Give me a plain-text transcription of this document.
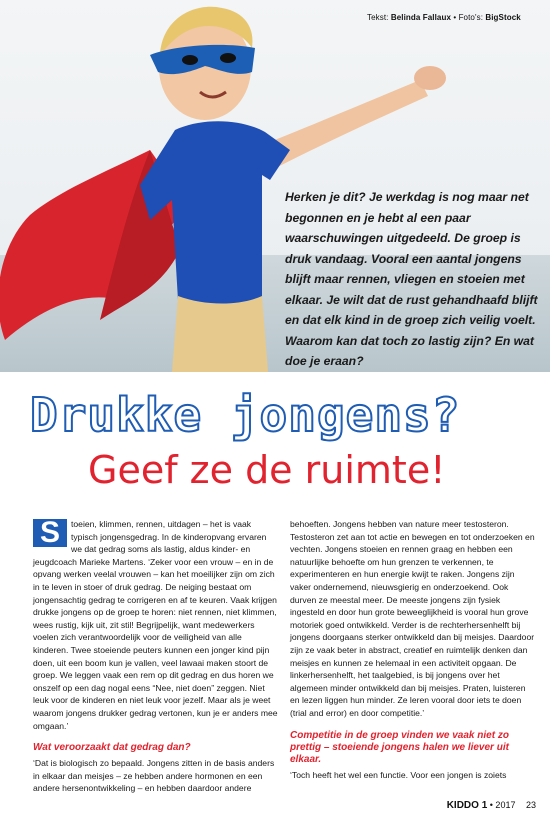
Tekst: Belinda Fallaux • Foto's: BigStock
Herken je dit? Je werkdag is nog maar net begonnen en je hebt al een paar waarschuwingen uitgedeeld. De groep is druk vandaag. Vooral een aantal jongens blijft maar rennen, vliegen en stoeien met elkaar. Je wilt dat de rust gehandhaafd blijft en dat elk kind in de groep zich veilig voelt. Waarom kan dat toch zo lastig zijn? En wat doe je eraan?
Drukke jongens?
Geef ze de ruimte!

S	toeien, klimmen, rennen, uitdagen – het is vaak typisch jongensgedrag. In de kinderopvang ervaren we dat gedrag soms als lastig, aldus kinder- en jeugdcoach Marieke Martens. ‘Zeker voor een vrouw – en in de opvang werken veelal vrouwen – kan het moeilijker zijn om zich in te leven in stoer of druk gedrag. De neiging bestaat om jongensachtig gedrag te corrigeren en af te keuren. Vaak krijgen drukke jongens op de groep te horen: niet rennen, niet klimmen, wees rustig, kijk uit, zit stil! Begrijpelijk, want medewerkers voelen zich verantwoordelijk voor de veiligheid van alle kinderen. Twee stoeiende peuters kunnen een jonger kind pijn doen, uit een boom kun je vallen, veel lawaai maken stoort de groep. We leggen vaak een rem op dit gedrag en dus horen we onszelf op een dag nogal eens “Nee, niet doen” zeggen. Niet leuk voor de kinderen en niet leuk voor jezelf. Maar als je weet waarom jongens drukker gedrag vertonen, kun je er anders mee omgaan.’

Wat veroorzaakt dat gedrag dan?

‘Dat is biologisch zo bepaald. Jongens zitten in de basis anders in elkaar dan meisjes – ze hebben andere hormonen en een andere hersenontwikkeling – en hebben daardoor andere

behoeften. Jongens hebben van nature meer testosteron. Testosteron zet aan tot actie en bewegen en tot onderzoeken en vechten. Jongens stoeien en rennen graag en hebben een natuurlijke behoefte om hun grenzen te verkennen, te experimenteren en hun energie kwijt te raken. Jongens zijn vaker ondernemend, nieuwsgierig en onderzoekend. Ook durven ze meestal meer. De meeste jongens zijn fysiek ingesteld en door hun grote beweeglijkheid is vooral hun grove motoriek goed ontwikkeld. Verder is de rechterhersenhelft bij jongens doorgaans sterker ontwikkeld dan bij meisjes. Daardoor zijn ze vaak beter in abstract, creatief en ruimtelijk denken dan meisjes en kunnen ze helemaal in een activiteit opgaan. De linkerhersenhelft, het taalgebied, is bij jongens over het algemeen minder ontwikkeld dan bij meisjes. Praten, luisteren en lezen liggen hun minder. Ze leren vooral door iets te doen (trial and error) en door competitie.’

Competitie in de groep vinden we vaak niet zo prettig – stoeiende jongens halen we liever uit elkaar.

‘Toch heeft het wel een functie. Voor een jongen is zoiets

KIDDO 1 • 2017 23
